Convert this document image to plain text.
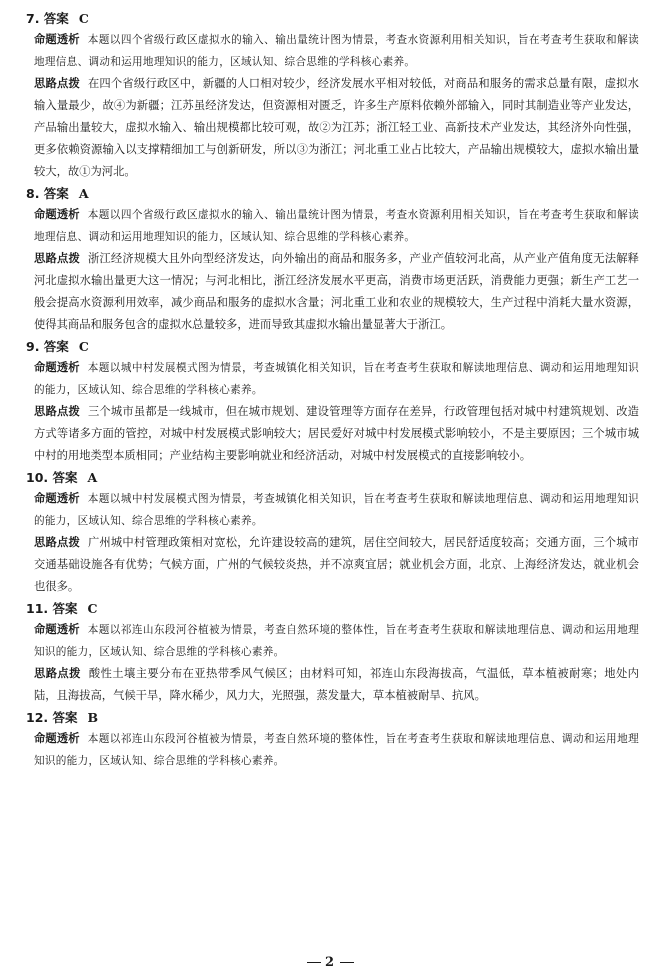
7. 答案 C

命题透析 本题以四个省级行政区虚拟水的输入、输出量统计图为情景，考查水资源利用相关知识，旨在考查考生获取和解读地理信息、调动和运用地理知识的能力，区域认知、综合思维的学科核心素养。

思路点拨 在四个省级行政区中，新疆的人口相对较少，经济发展水平相对较低，对商品和服务的需求总量有限，虚拟水输入量最少，故④为新疆；江苏虽经济发达，但资源相对匮乏，许多生产原料依赖外部输入，同时其制造业等产业发达，产品输出量较大，虚拟水输入、输出规模都比较可观，故②为江苏；浙江轻工业、高新技术产业发达，其经济外向性强，更多依赖资源输入以支撑精细加工与创新研发，所以③为浙江；河北重工业占比较大，产品输出规模较大，虚拟水输出量较大，故①为河北。

8. 答案 A

命题透析 本题以四个省级行政区虚拟水的输入、输出量统计图为情景，考查水资源利用相关知识，旨在考查考生获取和解读地理信息、调动和运用地理知识的能力，区域认知、综合思维的学科核心素养。

思路点拨 浙江经济规模大且外向型经济发达，向外输出的商品和服务多，产业产值较河北高，从产业产值角度无法解释河北虚拟水输出量更大这一情况；与河北相比，浙江经济发展水平更高，消费市场更活跃，消费能力更强；新生产工艺一般会提高水资源利用效率，减少商品和服务的虚拟水含量；河北重工业和农业的规模较大，生产过程中消耗大量水资源，使得其商品和服务包含的虚拟水总量较多，进而导致其虚拟水输出量显著大于浙江。

9. 答案 C

命题透析 本题以城中村发展模式图为情景，考查城镇化相关知识，旨在考查考生获取和解读地理信息、调动和运用地理知识的能力，区域认知、综合思维的学科核心素养。

思路点拨 三个城市虽都是一线城市，但在城市规划、建设管理等方面存在差异，行政管理包括对城中村建筑规划、改造方式等诸多方面的管控，对城中村发展模式影响较大；居民爱好对城中村发展模式影响较小，不是主要原因；三个城市城中村的用地类型本质相同；产业结构主要影响就业和经济活动，对城中村发展模式的直接影响较小。

10. 答案 A

命题透析 本题以城中村发展模式图为情景，考查城镇化相关知识，旨在考查考生获取和解读地理信息、调动和运用地理知识的能力，区域认知、综合思维的学科核心素养。

思路点拨 广州城中村管理政策相对宽松，允许建设较高的建筑，居住空间较大，居民舒适度较高；交通方面，三个城市交通基础设施各有优势；气候方面，广州的气候较炎热，并不凉爽宜居；就业机会方面，北京、上海经济发达，就业机会也很多。

11. 答案 C

命题透析 本题以祁连山东段河谷植被为情景，考查自然环境的整体性，旨在考查考生获取和解读地理信息、调动和运用地理知识的能力，区域认知、综合思维的学科核心素养。

思路点拨 酸性土壤主要分布在亚热带季风气候区；由材料可知，祁连山东段海拔高，气温低，草本植被耐寒；地处内陆，且海拔高，气候干旱，降水稀少，风力大，光照强，蒸发量大，草本植被耐旱、抗风。

12. 答案 B

命题透析 本题以祁连山东段河谷植被为情景，考查自然环境的整体性，旨在考查考生获取和解读地理信息、调动和运用地理知识的能力，区域认知、综合思维的学科核心素养。

2
